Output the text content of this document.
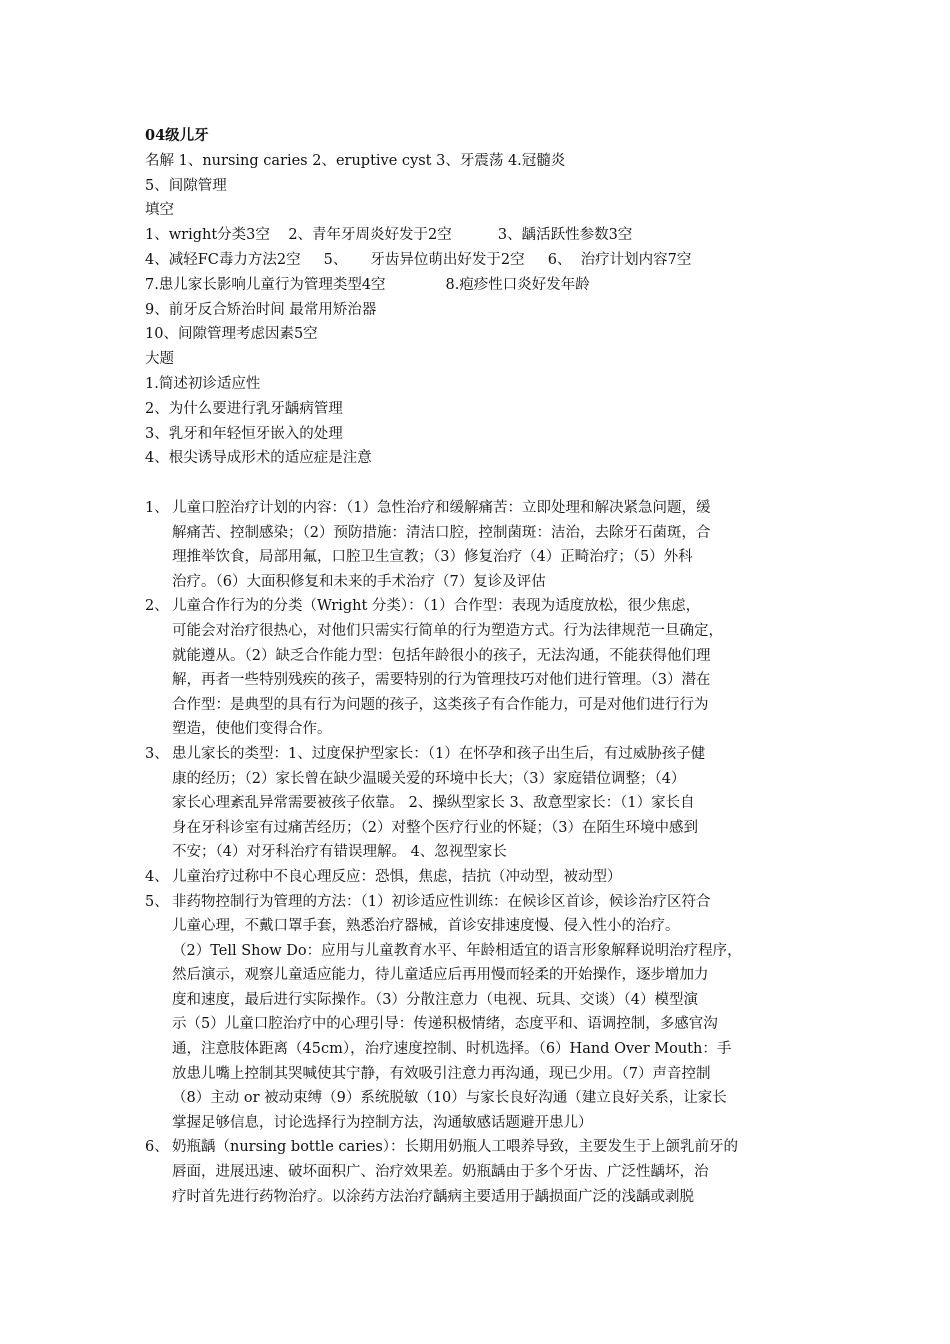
04级儿牙
名解 1、nursing caries 2、eruptive cyst 3、牙震荡 4.冠髓炎
5、间隙管理
填空
1、wright分类3空    2、青年牙周炎好发于2空          3、龋活跃性参数3空
4、减轻FC毒力方法2空     5、     牙齿异位萌出好发于2空     6、  治疗计划内容7空
7.患儿家长影响儿童行为管理类型4空             8.疱疹性口炎好发年龄
9、前牙反合矫治时间 最常用矫治器
10、间隙管理考虑因素5空
大题
1.简述初诊适应性
2、为什么要进行乳牙龋病管理
3、乳牙和年轻恒牙嵌入的处理
4、根尖诱导成形术的适应症是注意
1、 儿童口腔治疗计划的内容：（1）急性治疗和缓解痛苦：立即处理和解决紧急问题，缓
解痛苦、控制感染；（2）预防措施：清洁口腔，控制菌斑：洁治，去除牙石菌斑，合
理推举饮食，局部用氟，口腔卫生宣教；（3）修复治疗（4）正畸治疗；（5）外科
治疗。（6）大面积修复和未来的手术治疗（7）复诊及评估
2、 儿童合作行为的分类（Wright 分类）：（1）合作型：表现为适度放松，很少焦虑，
可能会对治疗很热心，对他们只需实行简单的行为塑造方式。行为法律规范一旦确定，
就能遵从。（2）缺乏合作能力型：包括年龄很小的孩子，无法沟通，不能获得他们理
解，再者一些特别残疾的孩子，需要特别的行为管理技巧对他们进行管理。（3）潜在
合作型：是典型的具有行为问题的孩子，这类孩子有合作能力，可是对他们进行行为
塑造，使他们变得合作。
3、 患儿家长的类型：1、过度保护型家长：（1）在怀孕和孩子出生后，有过威胁孩子健
康的经历；（2）家长曾在缺少温暖关爱的环境中长大；（3）家庭错位调整；（4）
家长心理紊乱异常需要被孩子依靠。 2、操纵型家长 3、敌意型家长：（1）家长自
身在牙科诊室有过痛苦经历；（2）对整个医疗行业的怀疑；（3）在陌生环境中感到
不安；（4）对牙科治疗有错误理解。 4、忽视型家长
4、 儿童治疗过称中不良心理反应：恐惧，焦虑，拮抗（冲动型，被动型）
5、 非药物控制行为管理的方法：（1）初诊适应性训练：在候诊区首诊，候诊治疗区符合
儿童心理，不戴口罩手套，熟悉治疗器械，首诊安排速度慢、侵入性小的治疗。
（2）Tell Show Do：应用与儿童教育水平、年龄相适宜的语言形象解释说明治疗程序，
然后演示，观察儿童适应能力，待儿童适应后再用慢而轻柔的开始操作，逐步增加力
度和速度，最后进行实际操作。（3）分散注意力（电视、玩具、交谈）（4）模型演
示（5）儿童口腔治疗中的心理引导：传递积极情绪，态度平和、语调控制，多感官沟
通，注意肢体距离（45cm），治疗速度控制、时机选择。（6）Hand Over Mouth：手
放患儿嘴上控制其哭喊使其宁静，有效吸引注意力再沟通，现已少用。（7）声音控制
（8）主动 or 被动束缚（9）系统脱敏（10）与家长良好沟通（建立良好关系，让家长
掌握足够信息，讨论选择行为控制方法，沟通敏感话题避开患儿）
6、 奶瓶龋（nursing bottle caries）：长期用奶瓶人工喂养导致，主要发生于上颌乳前牙的
唇面，进展迅速、破坏面积广、治疗效果差。奶瓶龋由于多个牙齿、广泛性龋坏，治
疗时首先进行药物治疗。以涂药方法治疗龋病主要适用于龋损面广泛的浅龋或剥脱
